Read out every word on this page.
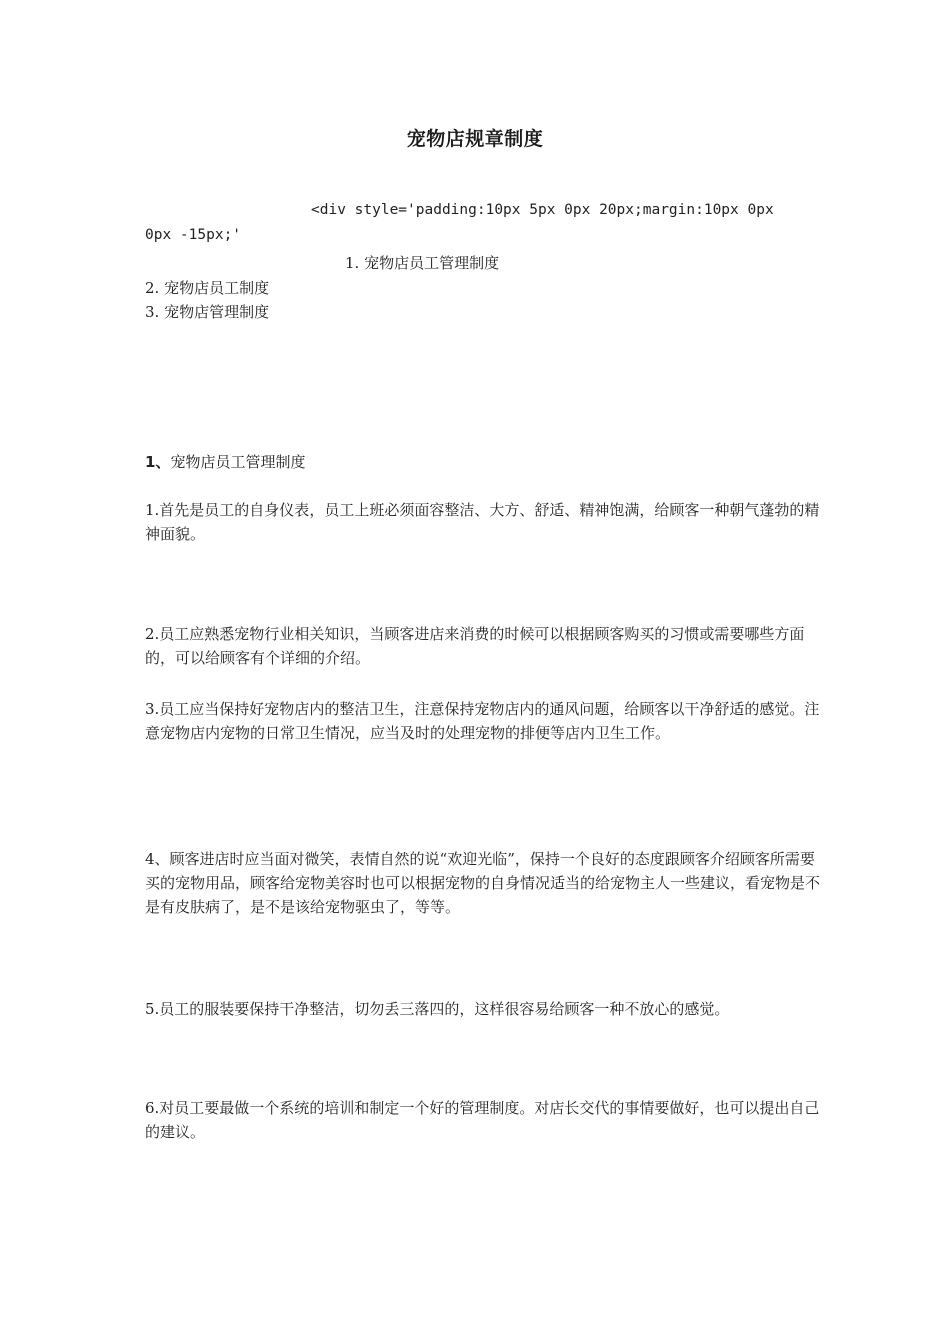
宠物店规章制度
<div style='padding:10px 5px 0px 20px;margin:10px 0px
0px -15px;'
1. 宠物店员工管理制度
2. 宠物店员工制度
3. 宠物店管理制度
1、宠物店员工管理制度
1.首先是员工的自身仪表，员工上班必须面容整洁、大方、舒适、精神饱满，给顾客一种朝气蓬勃的精神面貌。
2.员工应熟悉宠物行业相关知识，当顾客进店来消费的时候可以根据顾客购买的习惯或需要哪些方面的，可以给顾客有个详细的介绍。
3.员工应当保持好宠物店内的整洁卫生，注意保持宠物店内的通风问题，给顾客以干净舒适的感觉。注意宠物店内宠物的日常卫生情况，应当及时的处理宠物的排便等店内卫生工作。
4、顾客进店时应当面对微笑，表情自然的说“欢迎光临”，保持一个良好的态度跟顾客介绍顾客所需要买的宠物用品，顾客给宠物美容时也可以根据宠物的自身情况适当的给宠物主人一些建议，看宠物是不是有皮肤病了，是不是该给宠物驱虫了，等等。
5.员工的服装要保持干净整洁，切勿丢三落四的，这样很容易给顾客一种不放心的感觉。
6.对员工要最做一个系统的培训和制定一个好的管理制度。对店长交代的事情要做好，也可以提出自己的建议。
